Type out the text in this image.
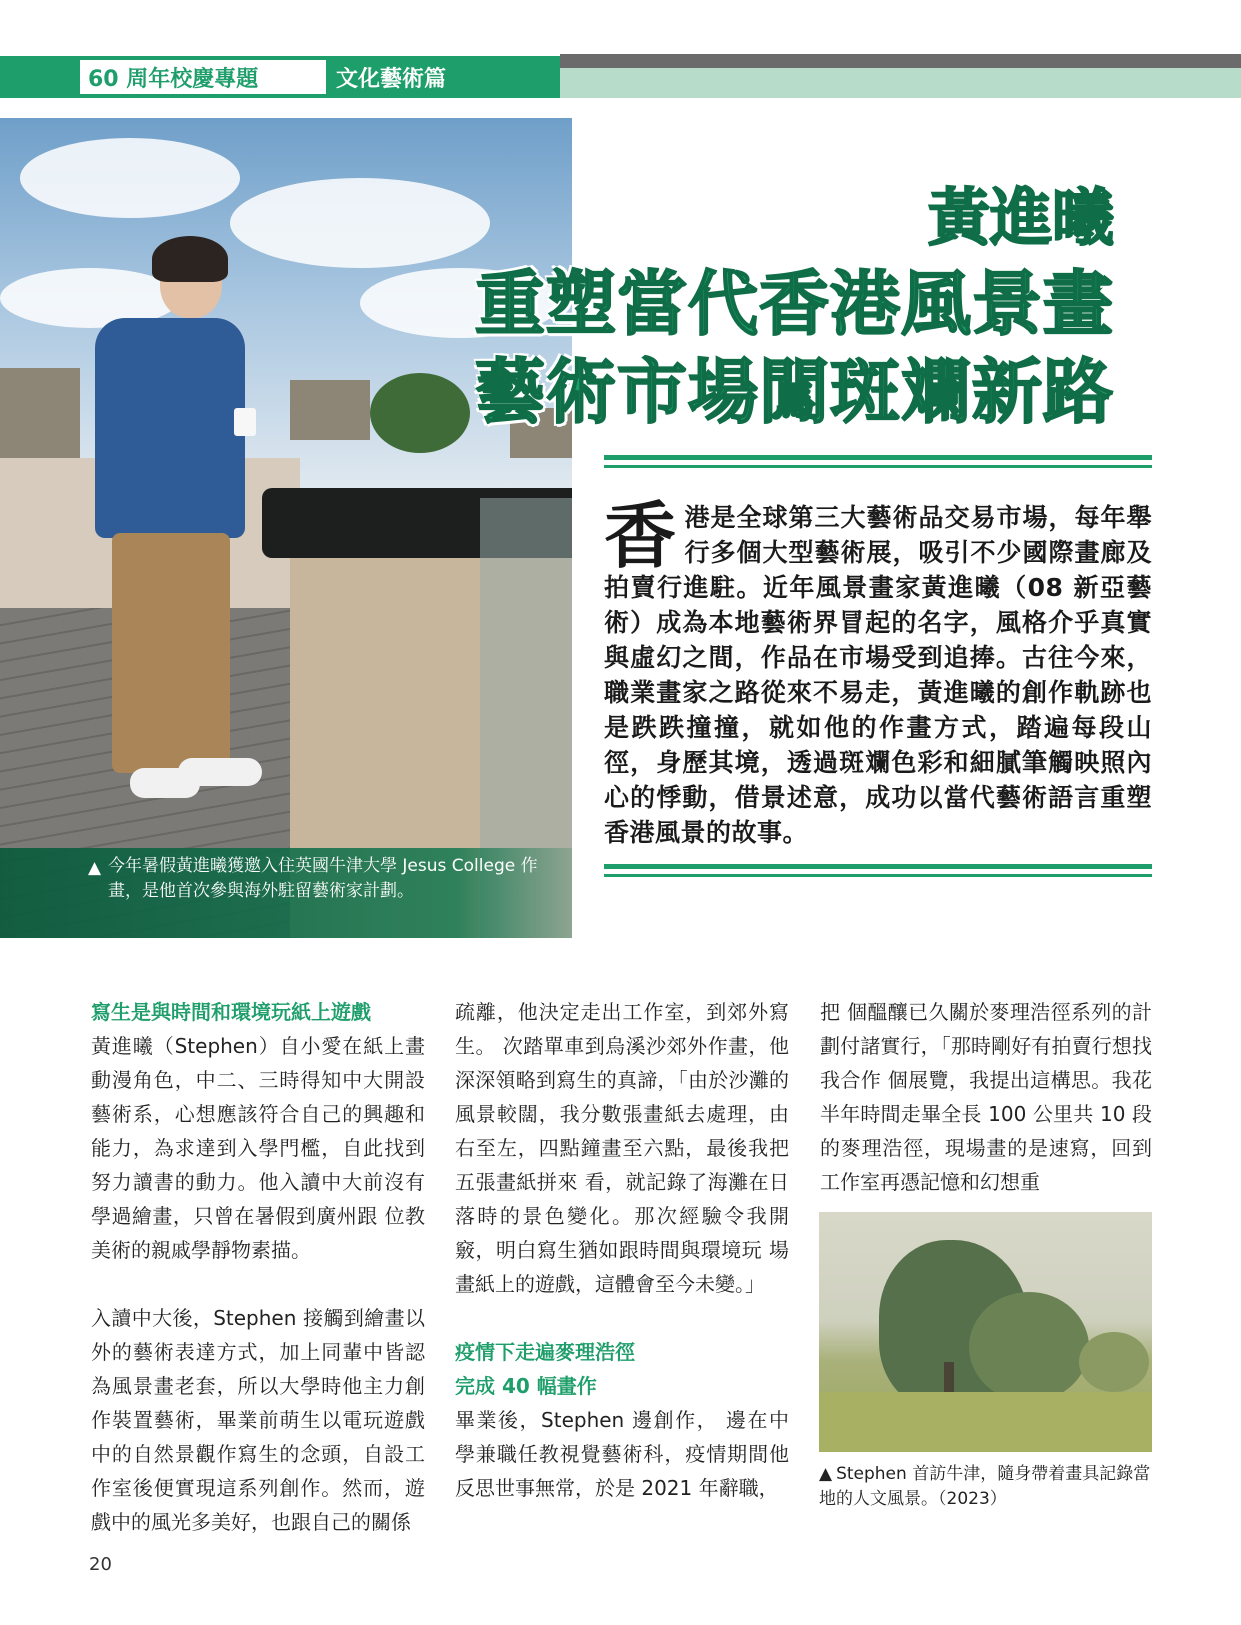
60 周年校慶專題	文化藝術篇
▲ 今年暑假黃進曦獲邀入住英國牛津大學 Jesus College 作畫，是他首次參與海外駐留藝術家計劃。
黃進曦
重塑當代香港風景畫
藝術市場闖斑斕新路
香港是全球第三大藝術品交易市場，每年舉行多個大型藝術展，吸引不少國際畫廊及拍賣行進駐。近年風景畫家黃進曦（08 新亞藝術）成為本地藝術界冒起的名字，風格介乎真實與虛幻之間，作品在市場受到追捧。古往今來，職業畫家之路從來不易走，黃進曦的創作軌跡也是跌跌撞撞，就如他的作畫方式，踏遍每段山徑，身歷其境，透過斑斕色彩和細膩筆觸映照內心的悸動，借景述意，成功以當代藝術語言重塑香港風景的故事。
寫生是與時間和環境玩紙上遊戲

黃進曦（Stephen）自小愛在紙上畫動漫角色，中二、三時得知中大開設藝術系，心想應該符合自己的興趣和能力，為求達到入學門檻，自此找到努力讀書的動力。他入讀中大前沒有學過繪畫，只曾在暑假到廣州跟 位教美術的親戚學靜物素描。

入讀中大後，Stephen 接觸到繪畫以外的藝術表達方式，加上同輩中皆認為風景畫老套，所以大學時他主力創作裝置藝術，畢業前萌生以電玩遊戲中的自然景觀作寫生的念頭，自設工作室後便實現這系列創作。然而，遊戲中的風光多美好，也跟自己的關係

疏離，他決定走出工作室，到郊外寫生。 次踏單車到烏溪沙郊外作畫，他深深領略到寫生的真諦，「由於沙灘的風景較闊，我分數張畫紙去處理，由右至左，四點鐘畫至六點，最後我把五張畫紙拼來 看，就記錄了海灘在日落時的景色變化。那次經驗令我開竅，明白寫生猶如跟時間與環境玩 場畫紙上的遊戲，這體會至今未變。」

疫情下走遍麥理浩徑
完成 40 幅畫作

畢業後，Stephen 邊創作， 邊在中學兼職任教視覺藝術科，疫情期間他反思世事無常，於是 2021 年辭職，

把 個醞釀已久關於麥理浩徑系列的計劃付諸實行，「那時剛好有拍賣行想找我合作 個展覽，我提出這構思。我花半年時間走畢全長 100 公里共 10 段的麥理浩徑，現場畫的是速寫，回到工作室再憑記憶和幻想重

▲ Stephen 首訪牛津，隨身帶着畫具記錄當地的人文風景。（2023）
20
